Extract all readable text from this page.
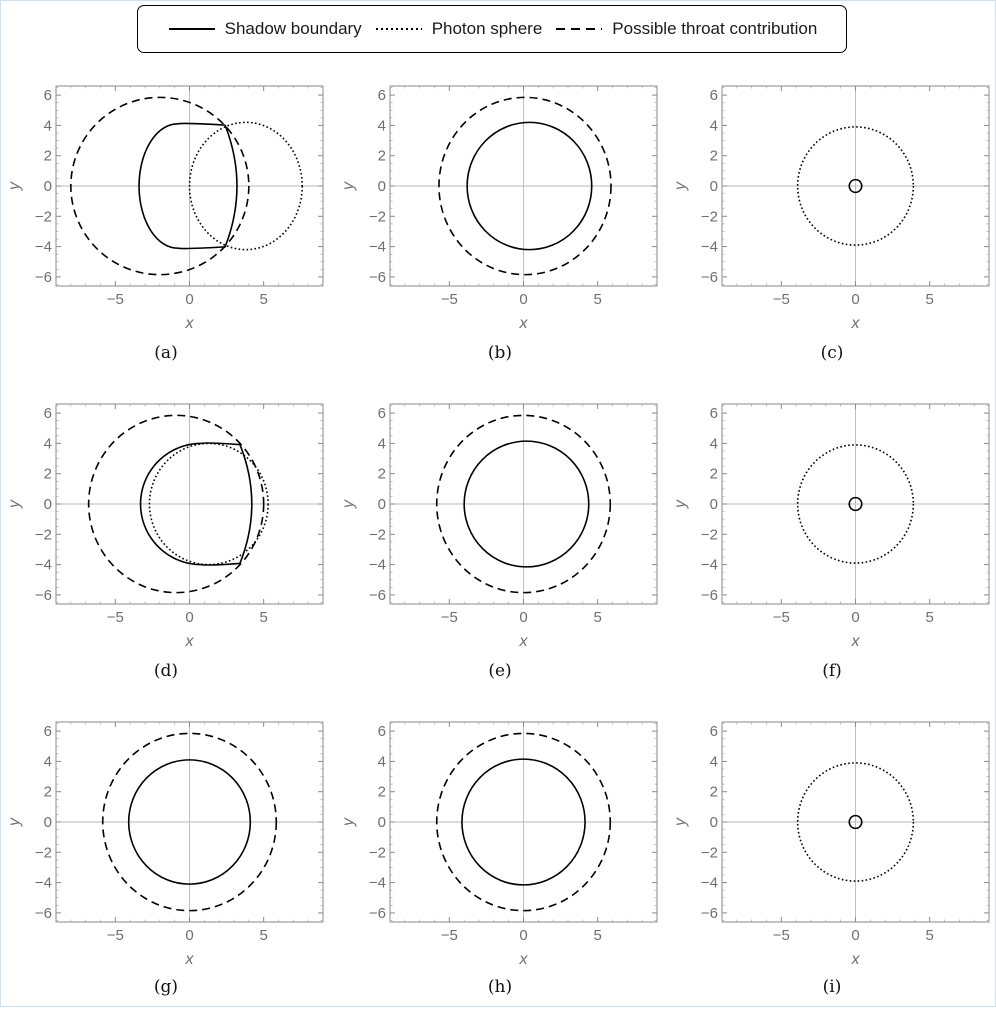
Shadow boundary	Photon sphere	Possible throat contribution
−5	0	5
−6
−4
−2
0
2
4
6
x
y
(a)
−5	0	5
−6
−4
−2
0
2
4
6
x
y
(b)
−5	0	5
−6
−4
−2
0
2
4
6
x
y
(c)
−5	0	5
−6
−4
−2
0
2
4
6
x
y
(d)
−5	0	5
−6
−4
−2
0
2
4
6
x
y
(e)
−5	0	5
−6
−4
−2
0
2
4
6
x
y
(f)
−5	0	5
−6
−4
−2
0
2
4
6
x
y
(g)
−5	0	5
−6
−4
−2
0
2
4
6
x
y
(h)
−5	0	5
−6
−4
−2
0
2
4
6
x
y
(i)
